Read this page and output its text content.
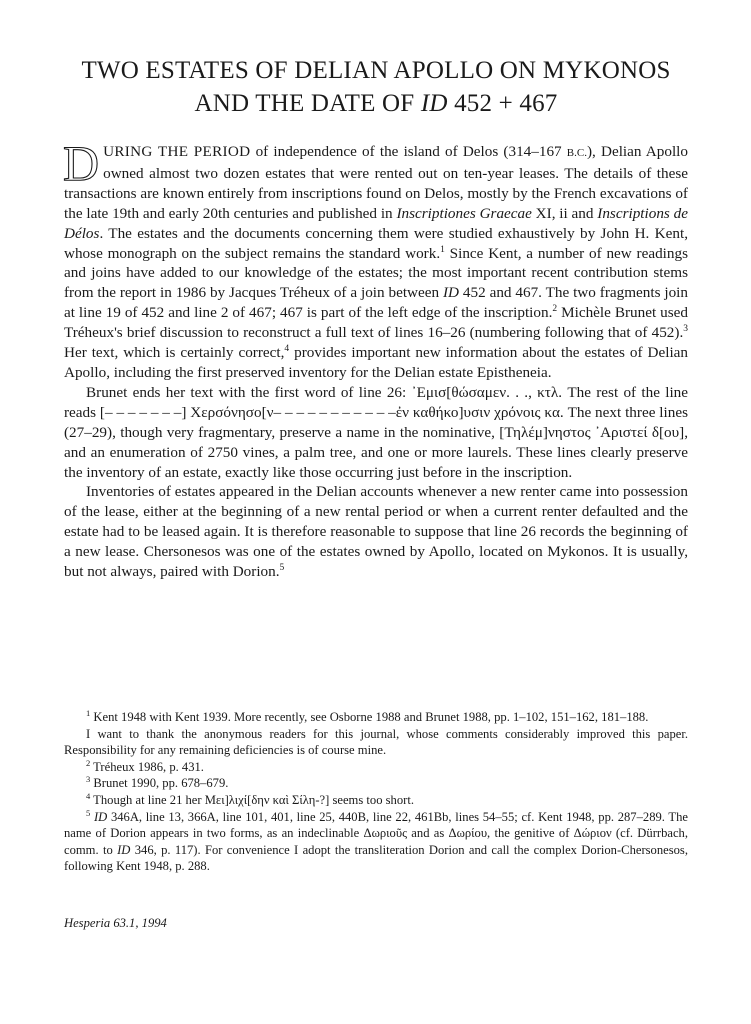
TWO ESTATES OF DELIAN APOLLO ON MYKONOS
AND THE DATE OF ID 452 + 467

DURING THE PERIOD of independence of the island of Delos (314–167 B.C.), Delian Apollo owned almost two dozen estates that were rented out on ten-year leases. The details of these transactions are known entirely from inscriptions found on Delos, mostly by the French excavations of the late 19th and early 20th centuries and published in Inscriptiones Graecae XI, ii and Inscriptions de Délos. The estates and the documents concerning them were studied exhaustively by John H. Kent, whose monograph on the subject remains the standard work.$^1$ Since Kent, a number of new readings and joins have added to our knowledge of the estates; the most important recent contribution stems from the report in 1986 by Jacques Tréheux of a join between ID 452 and 467. The two fragments join at line 19 of 452 and line 2 of 467; 467 is part of the left edge of the inscription.$^2$ Michèle Brunet used Tréheux's brief discussion to reconstruct a full text of lines 16–26 (numbering following that of 452).$^3$ Her text, which is certainly correct,$^4$ provides important new information about the estates of Delian Apollo, including the first preserved inventory for the Delian estate Epistheneia.

Brunet ends her text with the first word of line 26: ᾿Εμισ[θώσαμεν. . ., κτλ. The rest of the line reads [– – – – – – –] Χερσόνησο[ν– – – – – – – – – – –ἐν καθήκο]υσιν χρόνοις κα. The next three lines (27–29), though very fragmentary, preserve a name in the nominative, [Τηλέμ]νηστος ᾿Αριστεί δ[ου], and an enumeration of 2750 vines, a palm tree, and one or more laurels. These lines clearly preserve the inventory of an estate, exactly like those occurring just before in the inscription.

Inventories of estates appeared in the Delian accounts whenever a new renter came into possession of the lease, either at the beginning of a new rental period or when a current renter defaulted and the estate had to be leased again. It is therefore reasonable to suppose that line 26 records the beginning of a new lease. Chersonesos was one of the estates owned by Apollo, located on Mykonos. It is usually, but not always, paired with Dorion.$^5$

$^1$ Kent 1948 with Kent 1939. More recently, see Osborne 1988 and Brunet 1988, pp. 1–102, 151–162, 181–188.

I want to thank the anonymous readers for this journal, whose comments considerably improved this paper. Responsibility for any remaining deficiencies is of course mine.

$^2$ Tréheux 1986, p. 431.

$^3$ Brunet 1990, pp. 678–679.

$^4$ Though at line 21 her Μει]λιχί[δην καὶ Σίλη-?] seems too short.

$^5$ ID 346A, line 13, 366A, line 101, 401, line 25, 440B, line 22, 461Bb, lines 54–55; cf. Kent 1948, pp. 287–289. The name of Dorion appears in two forms, as an indeclinable Δωριοῦς and as Δωρίου, the genitive of Δώριον (cf. Dürrbach, comm. to ID 346, p. 117). For convenience I adopt the transliteration Dorion and call the complex Dorion-Chersonesos, following Kent 1948, p. 288.

Hesperia 63.1, 1994
